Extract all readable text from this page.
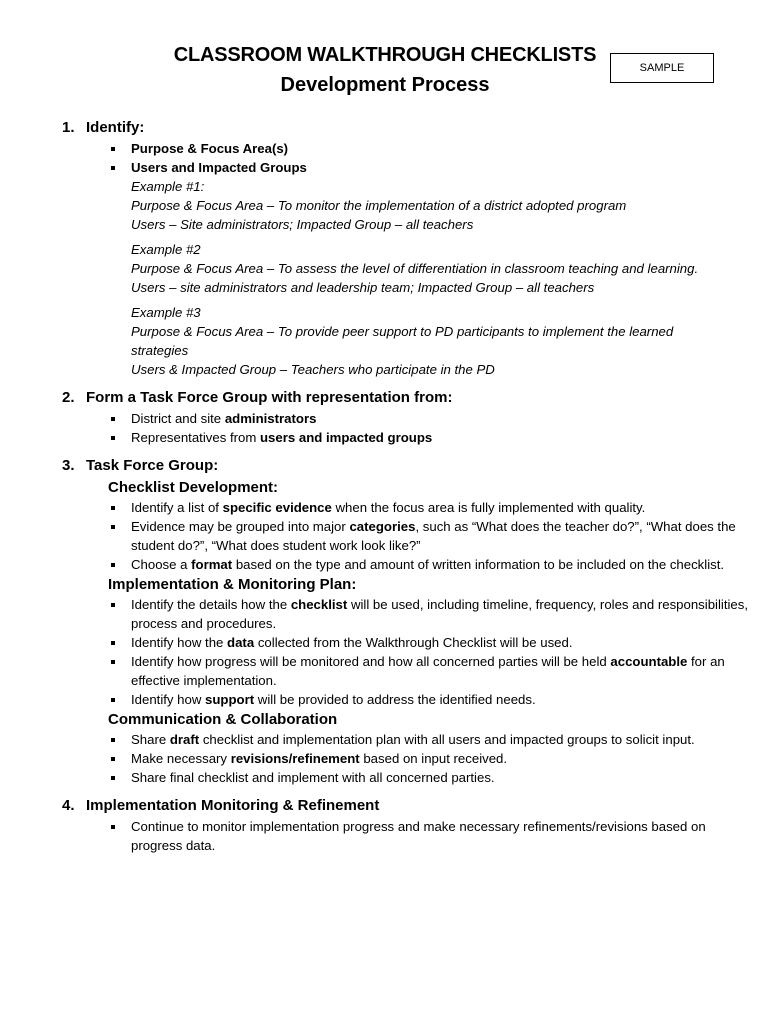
CLASSROOM WALKTHROUGH CHECKLISTS
Development Process
SAMPLE
1. Identify:
Purpose & Focus Area(s)
Users and Impacted Groups
Example #1:
Purpose & Focus Area – To monitor the implementation of a district adopted program
Users – Site administrators; Impacted Group – all teachers
Example #2
Purpose & Focus Area – To assess the level of differentiation in classroom teaching and learning.
Users – site administrators and leadership team; Impacted Group – all teachers
Example #3
Purpose & Focus Area – To provide peer support to PD participants to implement the learned
strategies
Users & Impacted Group – Teachers who participate in the PD
2. Form a Task Force Group with representation from:
District and site administrators
Representatives from users and impacted groups
3. Task Force Group:
Checklist Development:
Identify a list of specific evidence when the focus area is fully implemented with quality.
Evidence may be grouped into major categories, such as “What does the teacher do?”, “What does the student do?”, “What does student work look like?”
Choose a format based on the type and amount of written information to be included on the checklist.
Implementation & Monitoring Plan:
Identify the details how the checklist will be used, including timeline, frequency, roles and responsibilities, process and procedures.
Identify how the data collected from the Walkthrough Checklist will be used.
Identify how progress will be monitored and how all concerned parties will be held accountable for an effective implementation.
Identify how support will be provided to address the identified needs.
Communication & Collaboration
Share draft checklist and implementation plan with all users and impacted groups to solicit input.
Make necessary revisions/refinement based on input received.
Share final checklist and implement with all concerned parties.
4. Implementation Monitoring & Refinement
Continue to monitor implementation progress and make necessary refinements/revisions based on progress data.
